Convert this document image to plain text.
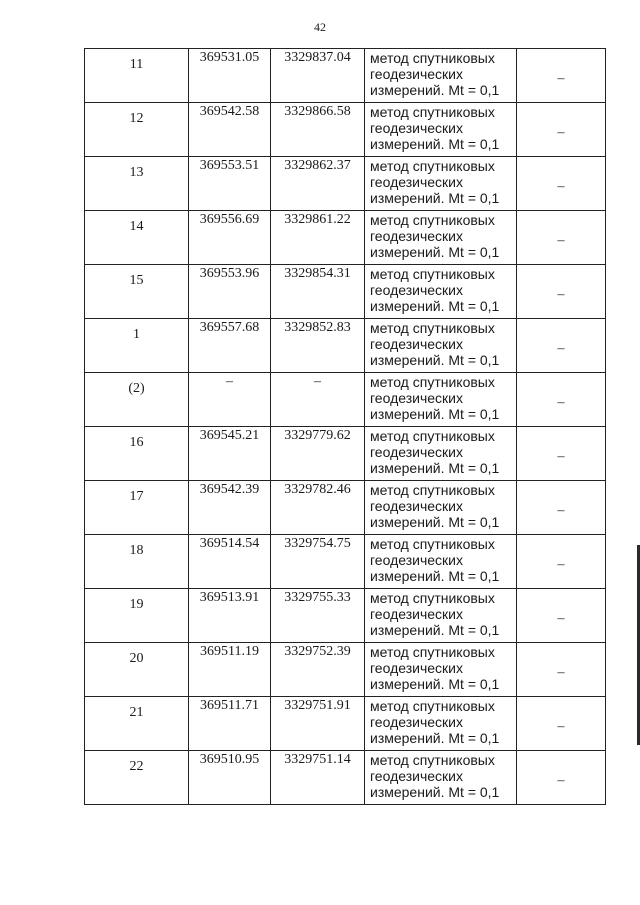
42
11	369531.05	3329837.04	метод спутниковых
геодезических
измерений. Mt = 0,1	–
12	369542.58	3329866.58	метод спутниковых
геодезических
измерений. Mt = 0,1	–
13	369553.51	3329862.37	метод спутниковых
геодезических
измерений. Mt = 0,1	–
14	369556.69	3329861.22	метод спутниковых
геодезических
измерений. Mt = 0,1	–
15	369553.96	3329854.31	метод спутниковых
геодезических
измерений. Mt = 0,1	–
1	369557.68	3329852.83	метод спутниковых
геодезических
измерений. Mt = 0,1	–
(2)	–	–	метод спутниковых
геодезических
измерений. Mt = 0,1	–
16	369545.21	3329779.62	метод спутниковых
геодезических
измерений. Mt = 0,1	–
17	369542.39	3329782.46	метод спутниковых
геодезических
измерений. Mt = 0,1	–
18	369514.54	3329754.75	метод спутниковых
геодезических
измерений. Mt = 0,1	–
19	369513.91	3329755.33	метод спутниковых
геодезических
измерений. Mt = 0,1	–
20	369511.19	3329752.39	метод спутниковых
геодезических
измерений. Mt = 0,1	–
21	369511.71	3329751.91	метод спутниковых
геодезических
измерений. Mt = 0,1	–
22	369510.95	3329751.14	метод спутниковых
геодезических
измерений. Mt = 0,1	–
